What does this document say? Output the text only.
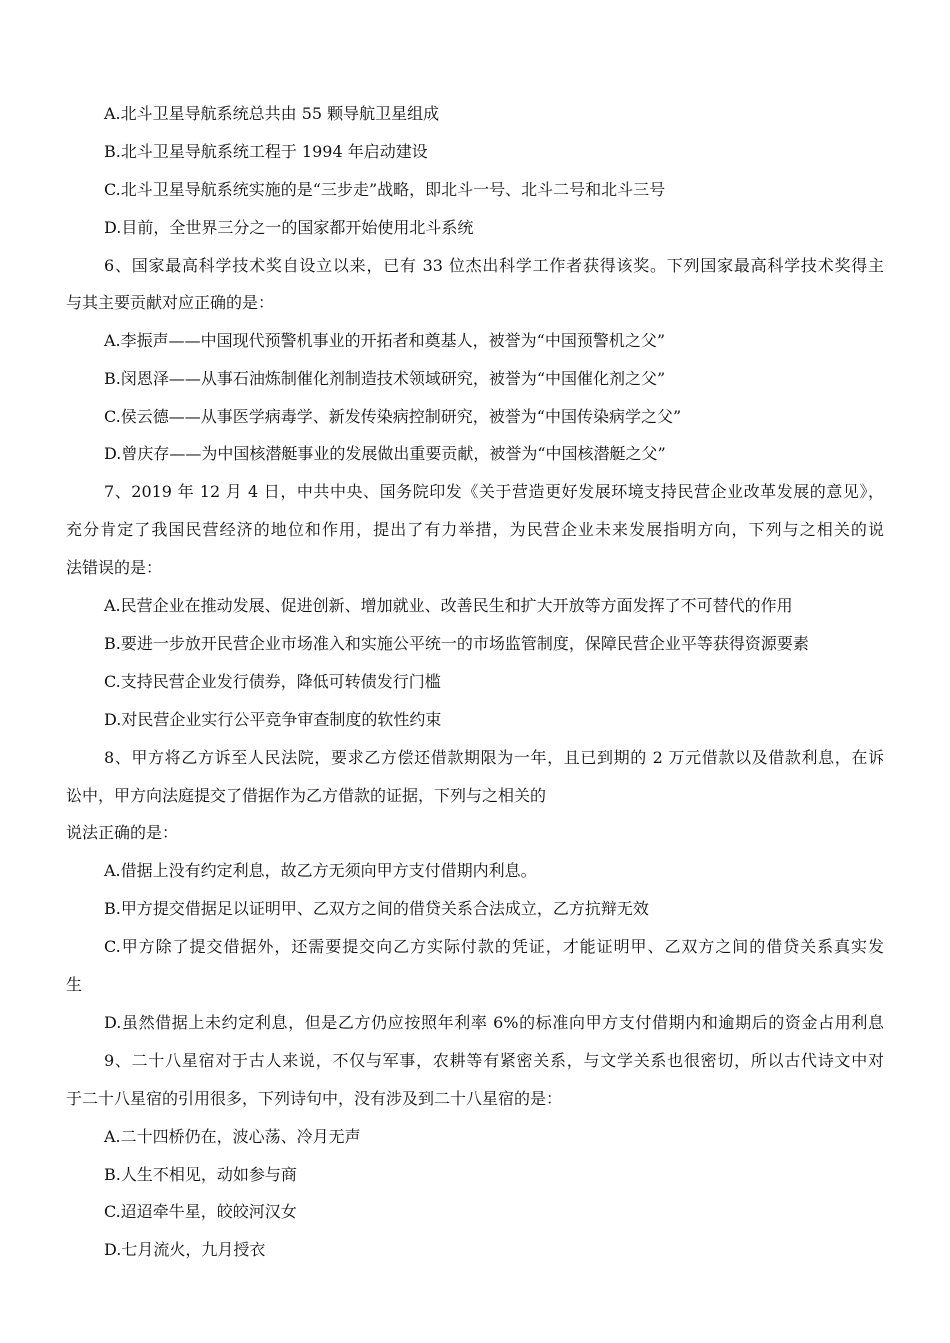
A.北斗卫星导航系统总共由 55 颗导航卫星组成
B.北斗卫星导航系统工程于 1994 年启动建设
C.北斗卫星导航系统实施的是“三步走”战略，即北斗一号、北斗二号和北斗三号
D.目前，全世界三分之一的国家都开始使用北斗系统
6、国家最高科学技术奖自设立以来，已有 33 位杰出科学工作者获得该奖。下列国家最高科学技术奖得主
与其主要贡献对应正确的是：
A.李振声——中国现代预警机事业的开拓者和奠基人，被誉为“中国预警机之父”
B.闵恩泽——从事石油炼制催化剂制造技术领域研究，被誉为“中国催化剂之父”
C.侯云德——从事医学病毒学、新发传染病控制研究，被誉为“中国传染病学之父”
D.曾庆存——为中国核潜艇事业的发展做出重要贡献，被誉为“中国核潜艇之父”
7、2019 年 12 月 4 日，中共中央、国务院印发《关于营造更好发展环境支持民营企业改革发展的意见》，
充分肯定了我国民营经济的地位和作用，提出了有力举措，为民营企业未来发展指明方向，下列与之相关的说
法错误的是：
A.民营企业在推动发展、促进创新、增加就业、改善民生和扩大开放等方面发挥了不可替代的作用
B.要进一步放开民营企业市场准入和实施公平统一的市场监管制度，保障民营企业平等获得资源要素
C.支持民营企业发行债券，降低可转债发行门槛
D.对民营企业实行公平竞争审查制度的软性约束
8、甲方将乙方诉至人民法院，要求乙方偿还借款期限为一年，且已到期的 2 万元借款以及借款利息，在诉
讼中，甲方向法庭提交了借据作为乙方借款的证据，下列与之相关的
说法正确的是：
A.借据上没有约定利息，故乙方无须向甲方支付借期内利息。
B.甲方提交借据足以证明甲、乙双方之间的借贷关系合法成立，乙方抗辩无效
C.甲方除了提交借据外，还需要提交向乙方实际付款的凭证，才能证明甲、乙双方之间的借贷关系真实发
生
D.虽然借据上未约定利息，但是乙方仍应按照年利率 6%的标准向甲方支付借期内和逾期后的资金占用利息
9、二十八星宿对于古人来说，不仅与军事，农耕等有紧密关系，与文学关系也很密切，所以古代诗文中对
于二十八星宿的引用很多，下列诗句中，没有涉及到二十八星宿的是：
A.二十四桥仍在，波心荡、冷月无声
B.人生不相见，动如参与商
C.迢迢牵牛星，皎皎河汉女
D.七月流火，九月授衣
